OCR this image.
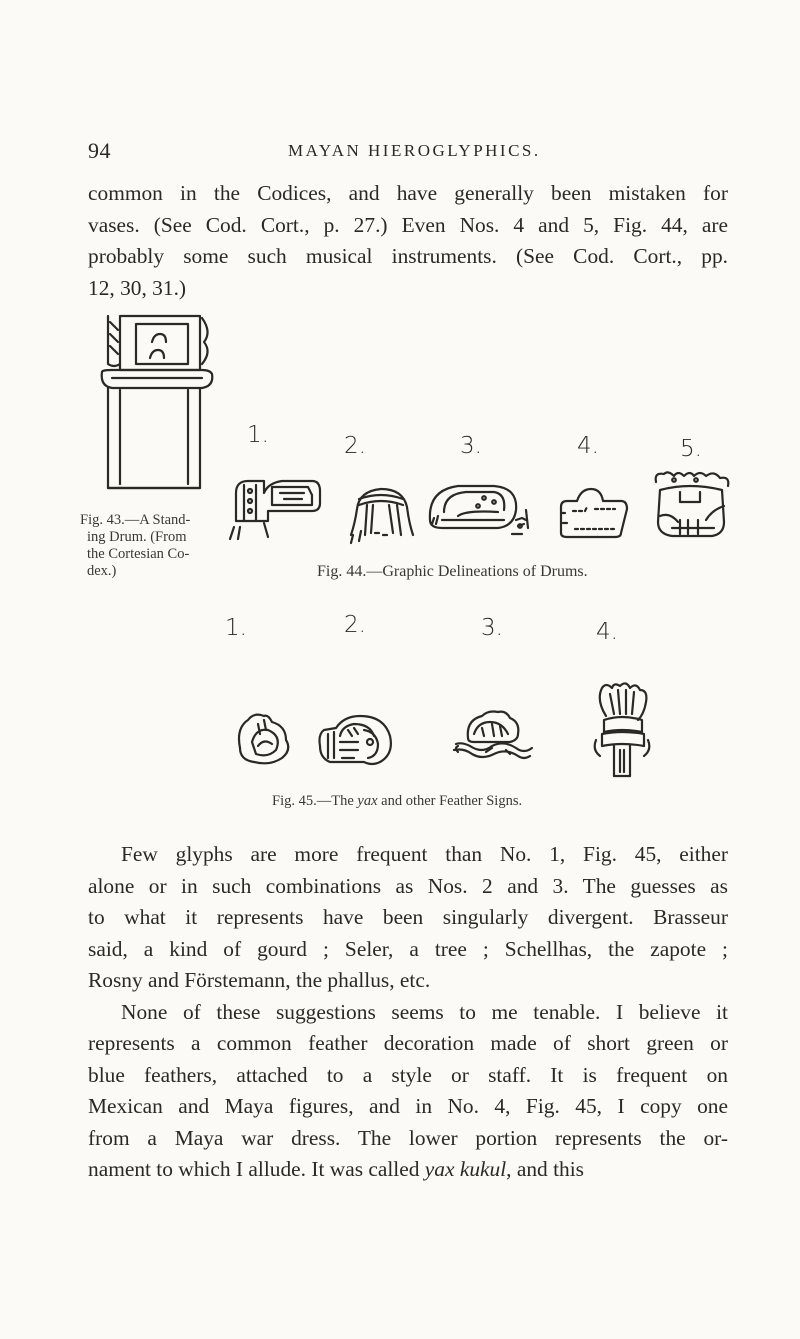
94	MAYAN HIEROGLYPHICS.
common in the Codices, and have generally been mistaken for
vases. (See Cod. Cort., p. 27.) Even Nos. 4 and 5, Fig. 44, are
probably some such musical instruments. (See Cod. Cort., pp.
12, 30, 31.)
Fig. 43.—A Stand-
ing Drum. (From
the Cortesian Co-
dex.)
1.	2.	3.	4.	5.
Fig. 44.—Graphic Delineations of Drums.
1.	2.	3.	4.
Fig. 45.—The yax and other Feather Signs.
Few glyphs are more frequent than No. 1, Fig. 45, either
alone or in such combinations as Nos. 2 and 3. The guesses as
to what it represents have been singularly divergent. Brasseur
said, a kind of gourd ; Seler, a tree ; Schellhas, the zapote ;
Rosny and Förstemann, the phallus, etc.
None of these suggestions seems to me tenable. I believe it
represents a common feather decoration made of short green or
blue feathers, attached to a style or staff. It is frequent on
Mexican and Maya figures, and in No. 4, Fig. 45, I copy one
from a Maya war dress. The lower portion represents the or-
nament to which I allude. It was called yax kukul, and this
